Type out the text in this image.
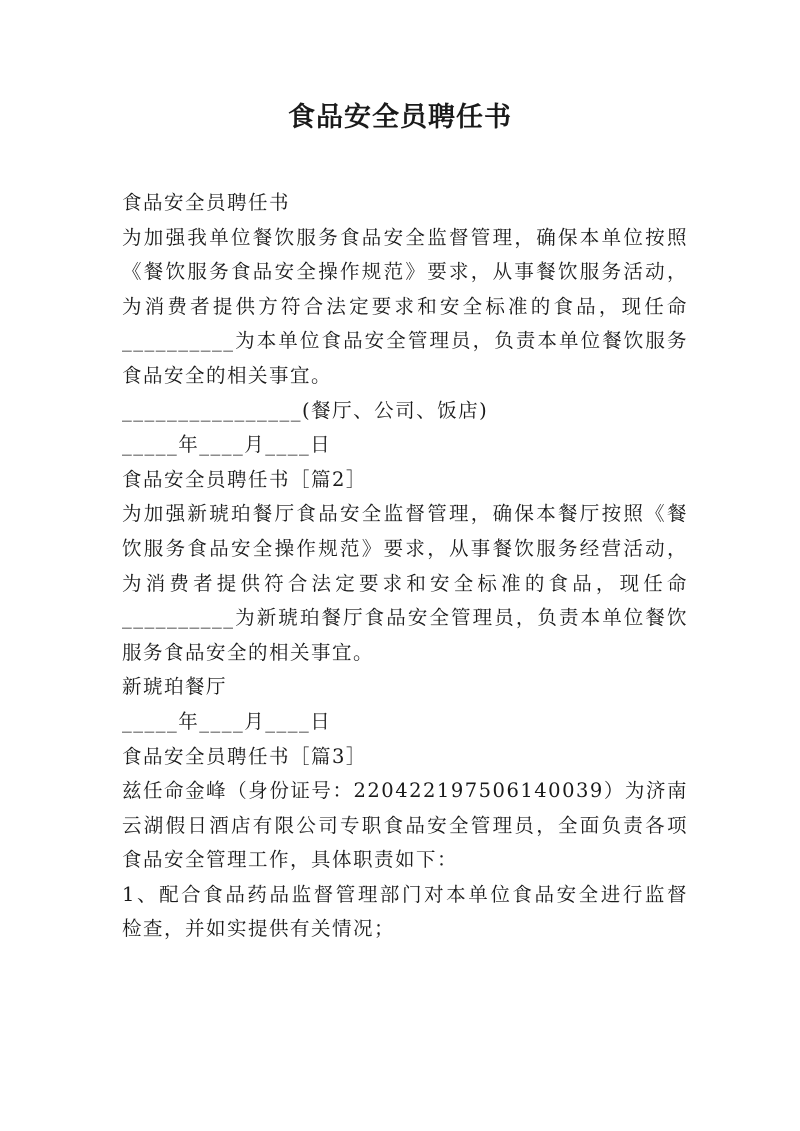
食品安全员聘任书
食品安全员聘任书
为加强我单位餐饮服务食品安全监督管理，确保本单位按照
《餐饮服务食品安全操作规范》要求，从事餐饮服务活动，
为消费者提供方符合法定要求和安全标准的食品，现任命
__________为本单位食品安全管理员，负责本单位餐饮服务
食品安全的相关事宜。
________________(餐厅、公司、饭店)
_____年____月____日
食品安全员聘任书［篇2］
为加强新琥珀餐厅食品安全监督管理，确保本餐厅按照《餐
饮服务食品安全操作规范》要求，从事餐饮服务经营活动，
为消费者提供符合法定要求和安全标准的食品，现任命
__________为新琥珀餐厅食品安全管理员，负责本单位餐饮
服务食品安全的相关事宜。
新琥珀餐厅
_____年____月____日
食品安全员聘任书［篇3］
兹任命金峰（身份证号：220422197506140039）为济南
云湖假日酒店有限公司专职食品安全管理员，全面负责各项
食品安全管理工作，具体职责如下：
1、配合食品药品监督管理部门对本单位食品安全进行监督
检查，并如实提供有关情况；
